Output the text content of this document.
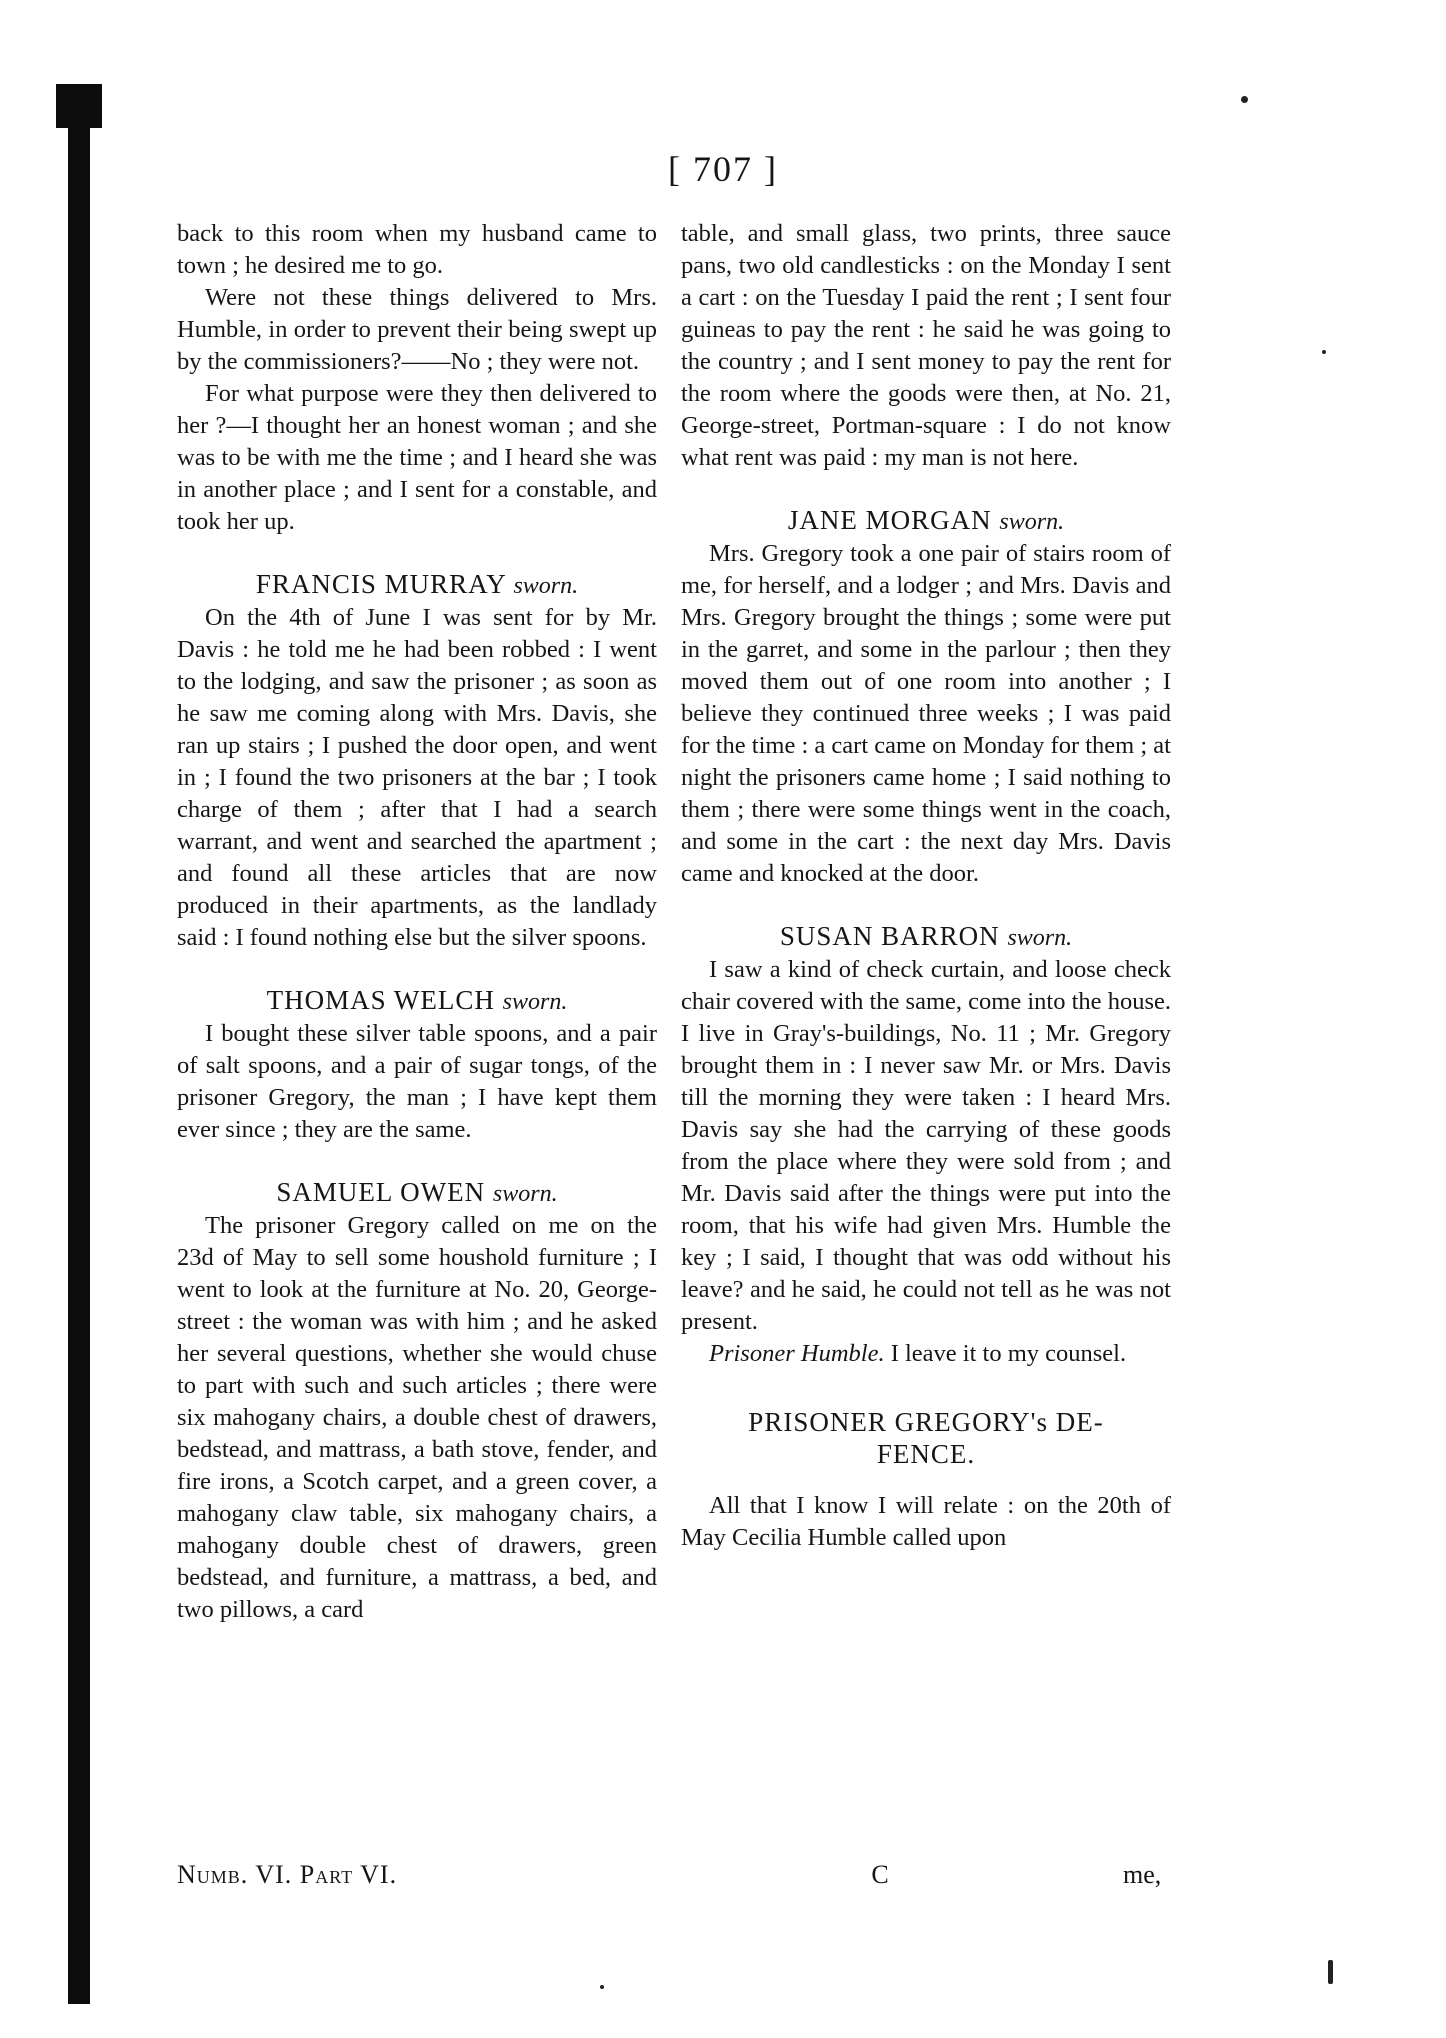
[ 707 ]

back to this room when my husband came to town ; he desired me to go.

Were not these things delivered to Mrs. Humble, in order to prevent their being swept up by the commissioners?——No ; they were not.

For what purpose were they then delivered to her ?—I thought her an honest woman ; and she was to be with me the time ; and I heard she was in another place ; and I sent for a constable, and took her up.

FRANCIS MURRAY sworn.

On the 4th of June I was sent for by Mr. Davis : he told me he had been robbed : I went to the lodging, and saw the prisoner ; as soon as he saw me coming along with Mrs. Davis, she ran up stairs ; I pushed the door open, and went in ; I found the two prisoners at the bar ; I took charge of them ; after that I had a search warrant, and went and searched the apartment ; and found all these articles that are now produced in their apartments, as the landlady said : I found nothing else but the silver spoons.

THOMAS WELCH sworn.

I bought these silver table spoons, and a pair of salt spoons, and a pair of sugar tongs, of the prisoner Gregory, the man ; I have kept them ever since ; they are the same.

SAMUEL OWEN sworn.

The prisoner Gregory called on me on the 23d of May to sell some houshold furniture ; I went to look at the furniture at No. 20, George-street : the woman was with him ; and he asked her several questions, whether she would chuse to part with such and such articles ; there were six mahogany chairs, a double chest of drawers, bedstead, and mattrass, a bath stove, fender, and fire irons, a Scotch carpet, and a green cover, a mahogany claw table, six mahogany chairs, a mahogany double chest of drawers, green bedstead, and furniture, a mattrass, a bed, and two pillows, a card

table, and small glass, two prints, three sauce pans, two old candlesticks : on the Monday I sent a cart : on the Tuesday I paid the rent ; I sent four guineas to pay the rent : he said he was going to the country ; and I sent money to pay the rent for the room where the goods were then, at No. 21, George-street, Portman-square : I do not know what rent was paid : my man is not here.

JANE MORGAN sworn.

Mrs. Gregory took a one pair of stairs room of me, for herself, and a lodger ; and Mrs. Davis and Mrs. Gregory brought the things ; some were put in the garret, and some in the parlour ; then they moved them out of one room into another ; I believe they continued three weeks ; I was paid for the time : a cart came on Monday for them ; at night the prisoners came home ; I said nothing to them ; there were some things went in the coach, and some in the cart : the next day Mrs. Davis came and knocked at the door.

SUSAN BARRON sworn.

I saw a kind of check curtain, and loose check chair covered with the same, come into the house. I live in Gray's-buildings, No. 11 ; Mr. Gregory brought them in : I never saw Mr. or Mrs. Davis till the morning they were taken : I heard Mrs. Davis say she had the carrying of these goods from the place where they were sold from ; and Mr. Davis said after the things were put into the room, that his wife had given Mrs. Humble the key ; I said, I thought that was odd without his leave? and he said, he could not tell as he was not present.

Prisoner Humble. I leave it to my counsel.

PRISONER GREGORY's DE-

FENCE.

All that I know I will relate : on the 20th of May Cecilia Humble called upon

Numb. VI. Part VI.	C	me,
